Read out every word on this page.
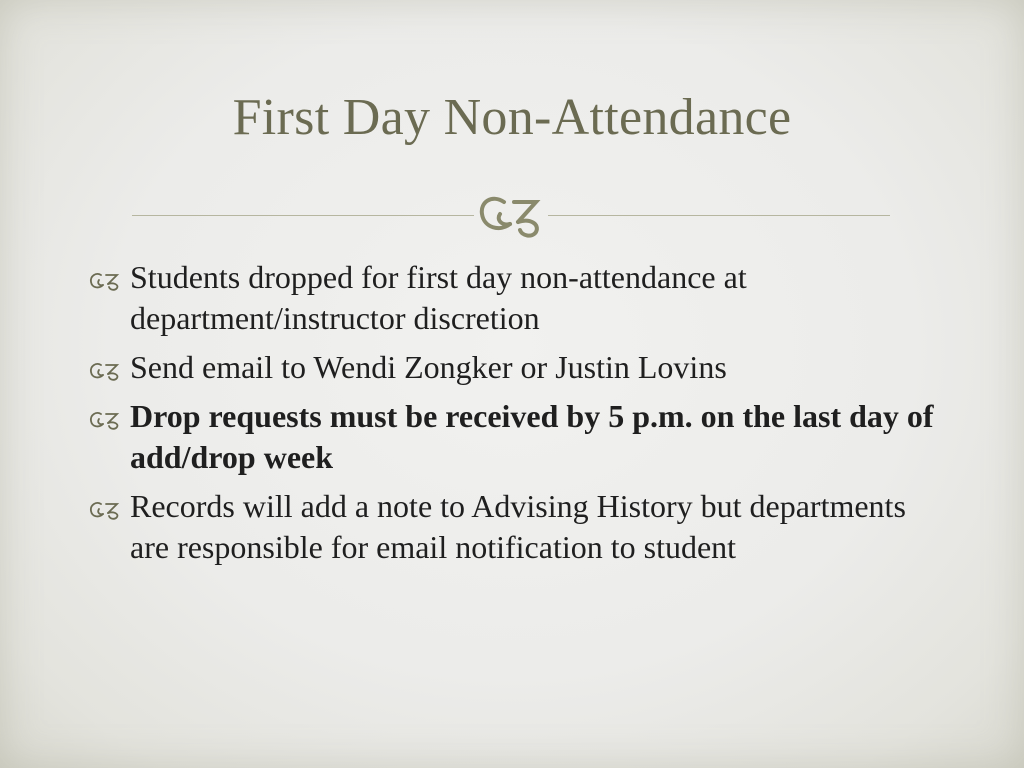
First Day Non-Attendance
Students dropped for first day non-attendance at department/instructor discretion
Send email to Wendi Zongker or Justin Lovins
Drop requests must be received by 5 p.m. on the last day of add/drop week
Records will add a note to Advising History but departments are responsible for email notification to student
